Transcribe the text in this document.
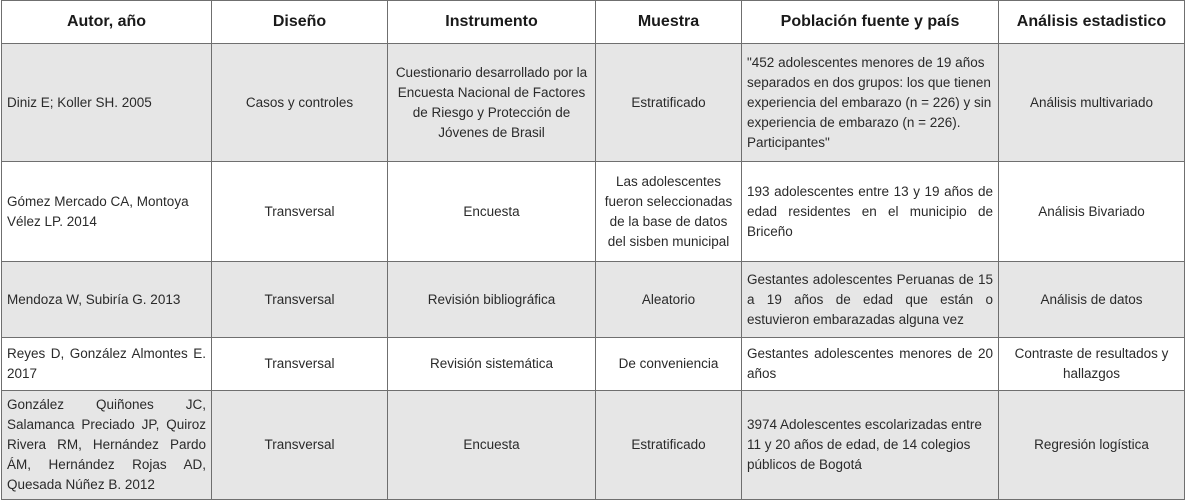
Autor, año	Diseño	Instrumento	Muestra	Población fuente y país	Análisis estadistico
Diniz E; Koller SH. 2005	Casos y controles	Cuestionario desarrollado por la Encuesta Nacional de Factores de Riesgo y Protección de Jóvenes de Brasil	Estratificado	"452 adolescentes menores de 19 años separados en dos grupos: los que tienen experiencia del embarazo (n = 226) y sin experiencia de embarazo (n = 226). Participantes"	Análisis multivariado
Gómez Mercado CA, Montoya Vélez LP. 2014	Transversal	Encuesta	Las adolescentes fueron seleccionadas de la base de datos del sisben municipal	193 adolescentes entre 13 y 19 años de edad residentes en el municipio de Briceño	Análisis Bivariado
Mendoza W, Subiría G. 2013	Transversal	Revisión bibliográfica	Aleatorio	Gestantes adolescentes Peruanas de 15 a 19 años de edad que están o estuvieron embarazadas alguna vez	Análisis de datos
Reyes D, González Almontes E. 2017	Transversal	Revisión sistemática	De conveniencia	Gestantes adolescentes menores de 20 años	Contraste de resultados y hallazgos
González Quiñones JC, Salamanca Preciado JP, Quiroz Rivera RM, Hernández Pardo ÁM, Hernández Rojas AD, Quesada Núñez B. 2012	Transversal	Encuesta	Estratificado	3974 Adolescentes escolarizadas entre 11 y 20 años de edad, de 14 colegios públicos de Bogotá	Regresión logística
